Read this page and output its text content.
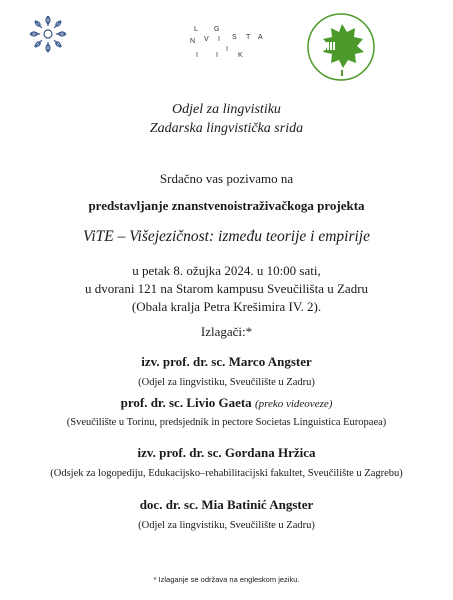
L G
V I
N
S T
I
A
I	K
I
Odjel za lingvistiku
Zadarska lingvistička srida
Srdačno vas pozivamo na
predstavljanje znanstvenoistraživačkoga projekta
ViTE – Višejezičnost: između teorije i empirije
u petak 8. ožujka 2024. u 10:00 sati,
u dvorani 121 na Starom kampusu Sveučilišta u Zadru
(Obala kralja Petra Krešimira IV. 2).
Izlagači:*
izv. prof. dr. sc. Marco Angster
(Odjel za lingvistiku, Sveučilište u Zadru)
prof. dr. sc. Livio Gaeta (preko videoveze)
(Sveučilište u Torinu, predsjednik in pectore Societas Linguistica Europaea)
izv. prof. dr. sc. Gordana Hržica
(Odsjek za logopediju, Edukacijsko–rehabilitacijski fakultet, Sveučilište u Zagrebu)
doc. dr. sc. Mia Batinić Angster
(Odjel za lingvistiku, Sveučilište u Zadru)
* Izlaganje se održava na engleskom jeziku.
